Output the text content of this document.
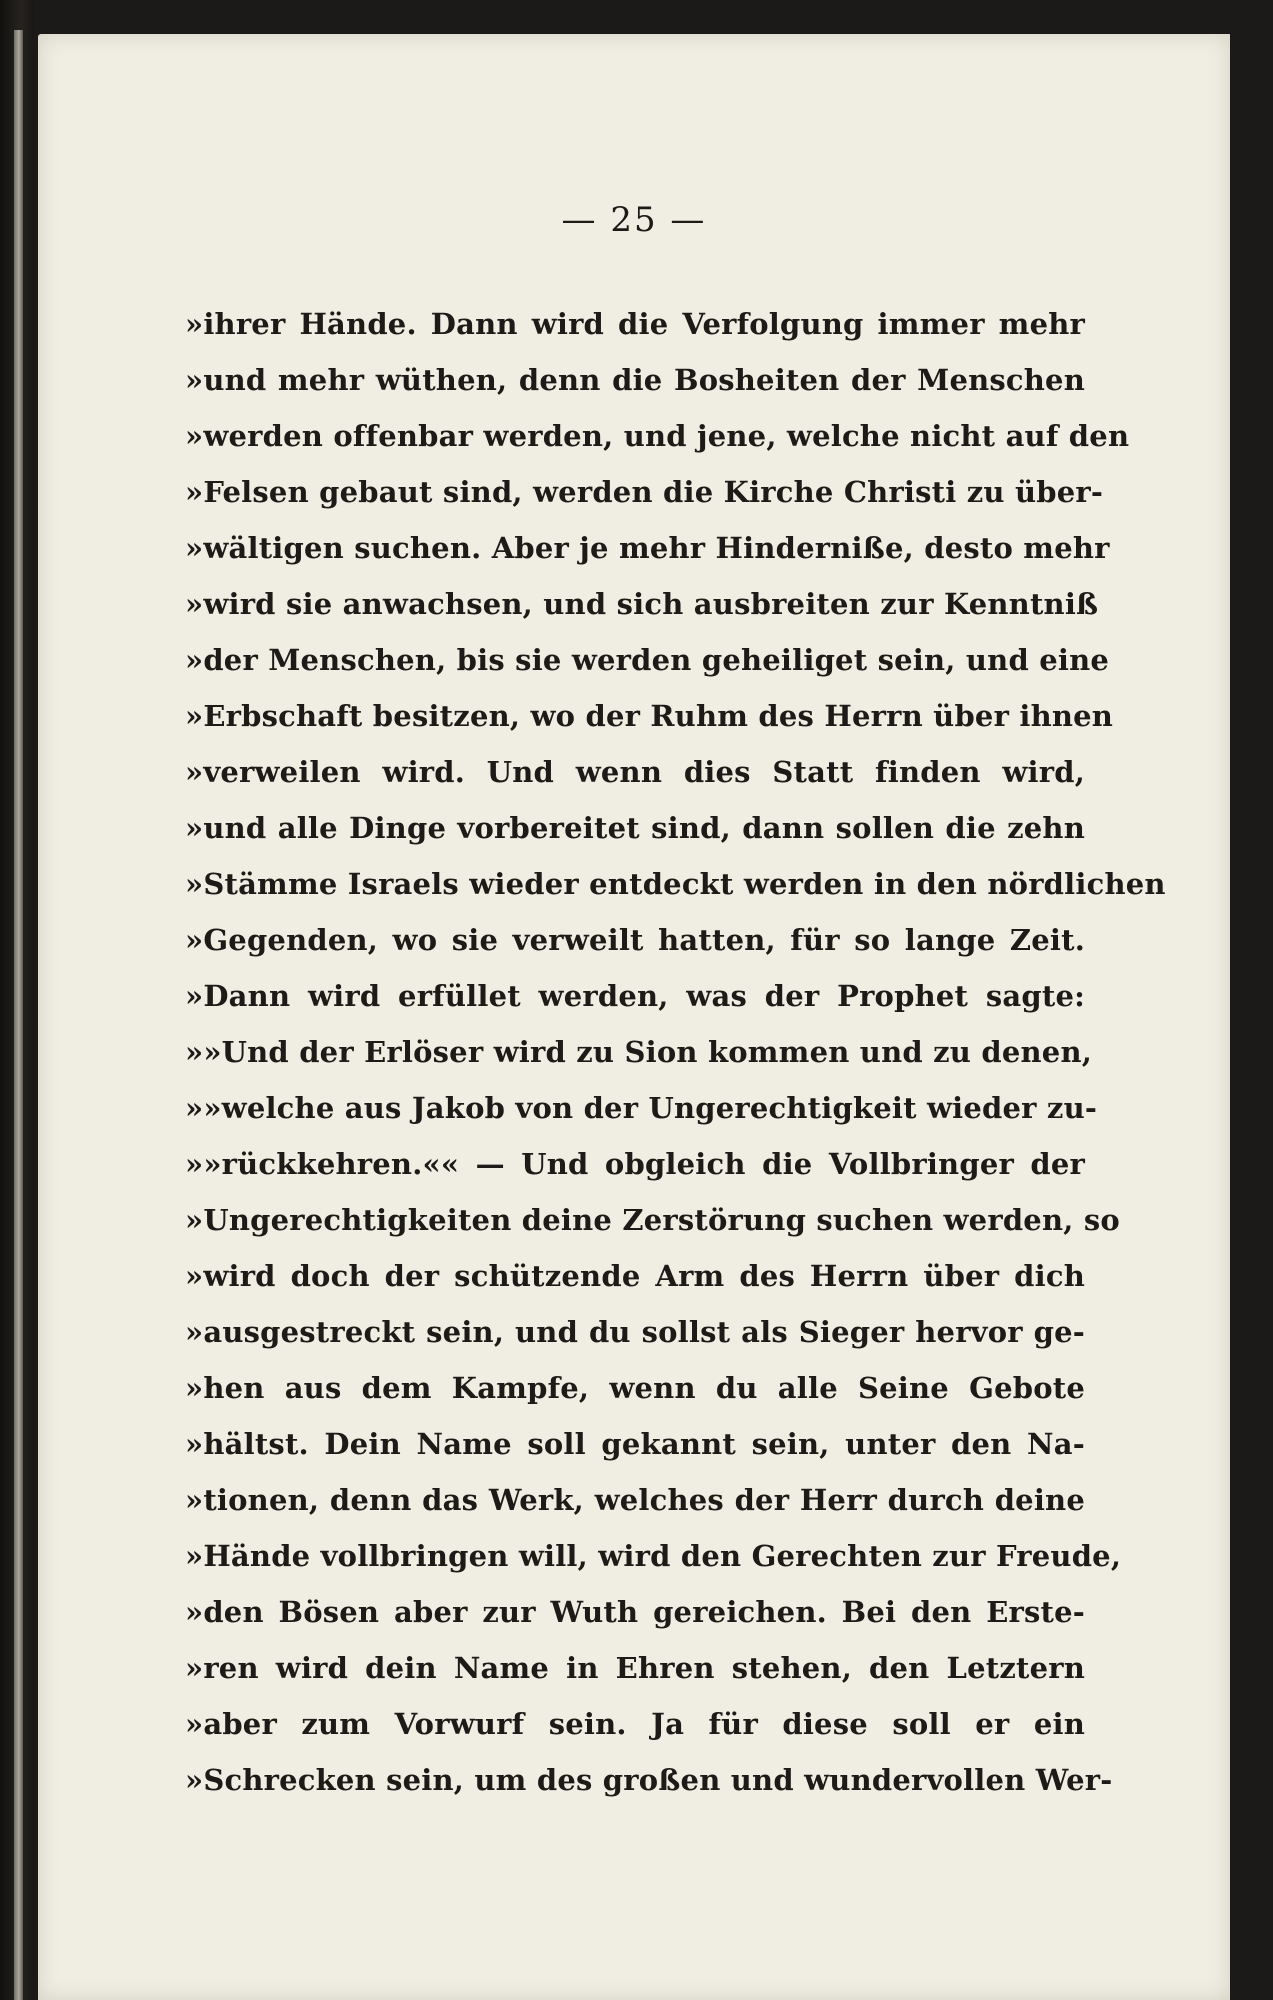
— 25 —
»ihrer Hände. Dann wird die Verfolgung immer mehr
»und mehr wüthen, denn die Bosheiten der Menschen
»werden offenbar werden, und jene, welche nicht auf den
»Felsen gebaut sind, werden die Kirche Christi zu über-
»wältigen suchen. Aber je mehr Hinderniße, desto mehr
»wird sie anwachsen, und sich ausbreiten zur Kenntniß
»der Menschen, bis sie werden geheiliget sein, und eine
»Erbschaft besitzen, wo der Ruhm des Herrn über ihnen
»verweilen wird. Und wenn dies Statt finden wird,
»und alle Dinge vorbereitet sind, dann sollen die zehn
»Stämme Israels wieder entdeckt werden in den nördlichen
»Gegenden, wo sie verweilt hatten, für so lange Zeit.
»Dann wird erfüllet werden, was der Prophet sagte:
»»Und der Erlöser wird zu Sion kommen und zu denen,
»»welche aus Jakob von der Ungerechtigkeit wieder zu-
»»rückkehren.«« — Und obgleich die Vollbringer der
»Ungerechtigkeiten deine Zerstörung suchen werden, so
»wird doch der schützende Arm des Herrn über dich
»ausgestreckt sein, und du sollst als Sieger hervor ge-
»hen aus dem Kampfe, wenn du alle Seine Gebote
»hältst. Dein Name soll gekannt sein, unter den Na-
»tionen, denn das Werk, welches der Herr durch deine
»Hände vollbringen will, wird den Gerechten zur Freude,
»den Bösen aber zur Wuth gereichen. Bei den Erste-
»ren wird dein Name in Ehren stehen, den Letztern
»aber zum Vorwurf sein. Ja für diese soll er ein
»Schrecken sein, um des großen und wundervollen Wer-
